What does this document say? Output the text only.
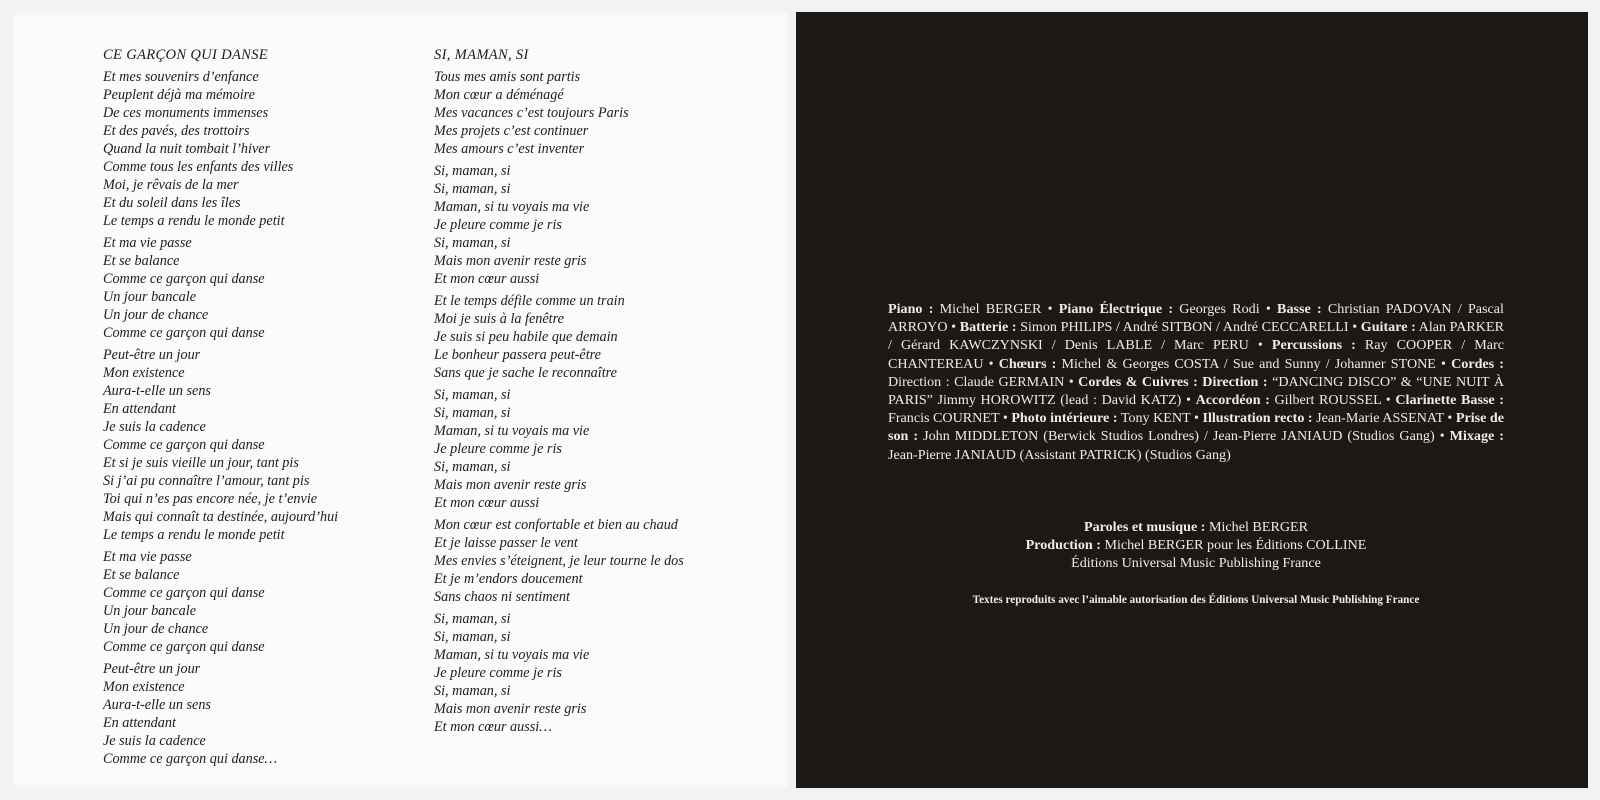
CE GARÇON QUI DANSE
Et mes souvenirs d’enfance
Peuplent déjà ma mémoire
De ces monuments immenses
Et des pavés, des trottoirs
Quand la nuit tombait l’hiver
Comme tous les enfants des villes
Moi, je rêvais de la mer
Et du soleil dans les îles
Le temps a rendu le monde petit
Et ma vie passe
Et se balance
Comme ce garçon qui danse
Un jour bancale
Un jour de chance
Comme ce garçon qui danse
Peut-être un jour
Mon existence
Aura-t-elle un sens
En attendant
Je suis la cadence
Comme ce garçon qui danse
Et si je suis vieille un jour, tant pis
Si j’ai pu connaître l’amour, tant pis
Toi qui n’es pas encore née, je t’envie
Mais qui connaît ta destinée, aujourd’hui
Le temps a rendu le monde petit
Et ma vie passe
Et se balance
Comme ce garçon qui danse
Un jour bancale
Un jour de chance
Comme ce garçon qui danse
Peut-être un jour
Mon existence
Aura-t-elle un sens
En attendant
Je suis la cadence
Comme ce garçon qui danse…
SI, MAMAN, SI
Tous mes amis sont partis
Mon cœur a déménagé
Mes vacances c’est toujours Paris
Mes projets c’est continuer
Mes amours c’est inventer
Si, maman, si
Si, maman, si
Maman, si tu voyais ma vie
Je pleure comme je ris
Si, maman, si
Mais mon avenir reste gris
Et mon cœur aussi
Et le temps défile comme un train
Moi je suis à la fenêtre
Je suis si peu habile que demain
Le bonheur passera peut-être
Sans que je sache le reconnaître
Si, maman, si
Si, maman, si
Maman, si tu voyais ma vie
Je pleure comme je ris
Si, maman, si
Mais mon avenir reste gris
Et mon cœur aussi
Mon cœur est confortable et bien au chaud
Et je laisse passer le vent
Mes envies s’éteignent, je leur tourne le dos
Et je m’endors doucement
Sans chaos ni sentiment
Si, maman, si
Si, maman, si
Maman, si tu voyais ma vie
Je pleure comme je ris
Si, maman, si
Mais mon avenir reste gris
Et mon cœur aussi…
Piano : Michel BERGER • Piano Électrique : Georges Rodi • Basse : Christian PADOVAN / Pascal ARROYO • Batterie : Simon PHILIPS / André SITBON / André CECCARELLI • Guitare : Alan PARKER / Gérard KAWCZYNSKI / Denis LABLE / Marc PERU • Percussions : Ray COOPER / Marc CHANTEREAU • Chœurs : Michel & Georges COSTA / Sue and Sunny / Johanner STONE • Cordes : Direction : Claude GERMAIN • Cordes & Cuivres : Direction : “DANCING DISCO” & “UNE NUIT À PARIS” Jimmy HOROWITZ (lead : David KATZ) • Accordéon : Gilbert ROUSSEL • Clarinette Basse : Francis COURNET • Photo intérieure : Tony KENT • Illustration recto : Jean-Marie ASSENAT • Prise de son : John MIDDLETON (Berwick Studios Londres) / Jean-Pierre JANIAUD (Studios Gang) • Mixage : Jean-Pierre JANIAUD (Assistant PATRICK) (Studios Gang)
Paroles et musique : Michel BERGER
Production : Michel BERGER pour les Éditions COLLINE
Éditions Universal Music Publishing France
Textes reproduits avec l’aimable autorisation des Éditions Universal Music Publishing France
